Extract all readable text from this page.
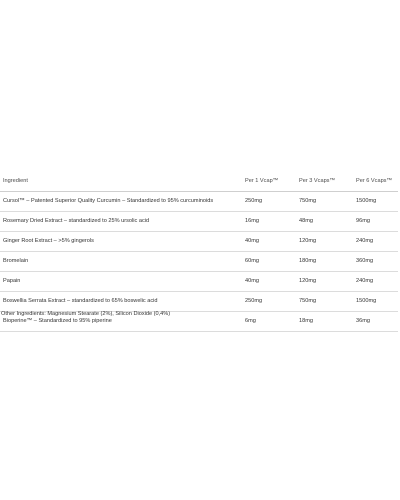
Ingredient	Per 1 Vcap™	Per 3 Vcaps™	Per 6 Vcaps™
Cursol™ – Patented Superior Quality Curcumin – Standardized to 95% curcuminoids	250mg	750mg	1500mg
Rosemary Dried Extract – standardized to 25% ursolic acid	16mg	48mg	96mg
Ginger Root Extract – >5% gingerols	40mg	120mg	240mg
Bromelain	60mg	180mg	360mg
Papain	40mg	120mg	240mg
Boswellia Serrata Extract – standardized to 65% boswelic acid	250mg	750mg	1500mg
Bioperine™ – Standardized to 95% piperine	6mg	18mg	36mg
Other Ingredients: Magnesium Stearate (2%), Silicon Dioxide (0,4%)
